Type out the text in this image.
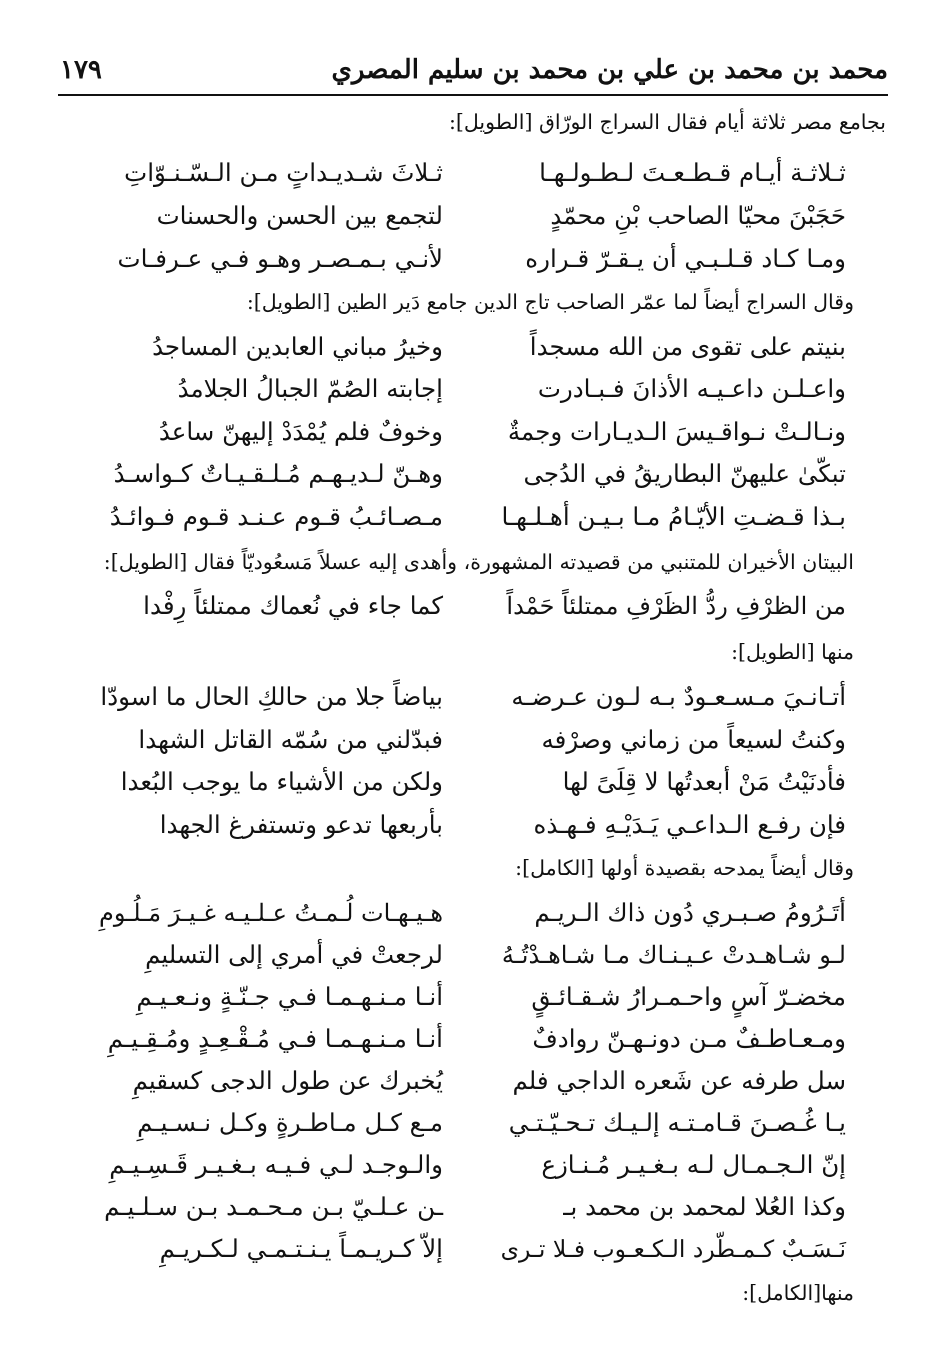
١٧٩	محمد بن محمد بن علي بن محمد بن سليم المصري
بجامع مصر ثلاثة أيام فقال السراج الورّاق [الطويل]:
ثـلاثـة أيـام قـطـعـتَ لـطـولـهـا
ثـلاثَ شـديـداتٍ مـن الـسّـنـوّاتِ
حَجَبْنَ محيّا الصاحب بْنِ محمّدٍ
لتجمع بين الحسن والحسنات
ومـا كـاد قـلـبـي أن يـقـرّ قـراره
لأنـي بـمـصـر وهـو فـي عـرفـات
وقال السراج أيضاً لما عمّر الصاحب تاج الدين جامع دَير الطين [الطويل]:
بنيتم على تقوى من الله مسجداً
وخيرُ مباني العابدين المساجدُ
واعـلـن داعـيـه الأذانَ فـبـادرت
إجابته الصُمّ الجبالُ الجلامدُ
ونـالـتْ نـواقـيسَ الـديـارات وجمةٌ
وخوفٌ فلم يُمْدَدْ إليهنّ ساعدُ
تبكّىٰ عليهنّ البطاريقُ في الدُجى
وهـنّ لـديـهـم مُـلـقـيـاتٌ كـواسـدُ
بـذا قـضـتِ الأيّـامُ مـا بـيـن أهـلـهـا
مـصـائـبُ قـوم عـنـد قـوم فـوائـدُ
البيتان الأخيران للمتنبي من قصيدته المشهورة، وأهدى إليه عسلاً مَسعُوديّاً فقال [الطويل]:
من الظرْفِ ردُّ الظَرْفِ ممتلئاً حَمْداً
كما جاء في نُعماك ممتلئاً رِفْدا
منها [الطويل]:
أتـانـيَ مـسـعـودٌ بـه لـون عـرضـه
بياضاً جلا من حالكِ الحال ما اسودّا
وكنتُ لسيعاً من زماني وصرْفه
فبدّلني من سُمّه القاتل الشهدا
فأدنَيْتُ مَنْ أبعدتُها لا قِلَىً لها
ولكن من الأشياء ما يوجب البُعدا
فإن رفـع الـداعـي يَـدَيْـهِ فـهـذه
بأربعها تدعو وتستفرغ الجهدا
وقال أيضاً يمدحه بقصيدة أولها [الكامل]:
أتَـرُومُ صـبـري دُون ذاك الـريـم
هـيـهـات لُـمـتُ عـلـيـه غـيـرَ مَـلُـومِ
لـو شـاهـدتْ عـيـنـاك مـا شـاهـدْتُـهُ
لرجعتْ في أمري إلى التسليمِ
مخضـرّ آسٍ واحـمـرارُ شـقـائـقٍ
أنـا مـنـهـمـا فـي جـنّـةٍ ونـعـيـمِ
ومـعـاطـفٌ مـن دونـهـنّ روادفٌ
أنـا مـنـهـمـا فـي مُـقْـعِـدٍ ومُـقِـيـمِ
سل طرفه عن شَعره الداجي فلم
يُخبرك عن طول الدجى كسقيمِ
يـا غُـصـنَ قـامـتـه إلـيـك تـحـيّـتـي
مـع كـل مـاطـرةٍ وكـل نـسـيـمِ
إنّ الـجـمـال لـه بـغـيـر مُـنـازع
والـوجـد لـي فـيـه بـغـيـر قَـسِـيـمِ
وكذا العُلا لمحمد بن محمد بـ
ـن عـلـيّ بـن مـحـمـد بـن سـلـيـم
نَـسَـبٌ كـمـطّرد الـكـعـوب فـلا تـرى
إلاّ كـريـمـاً يـنـتـمـي لـكـريـمِ
منها[الكامل]:
